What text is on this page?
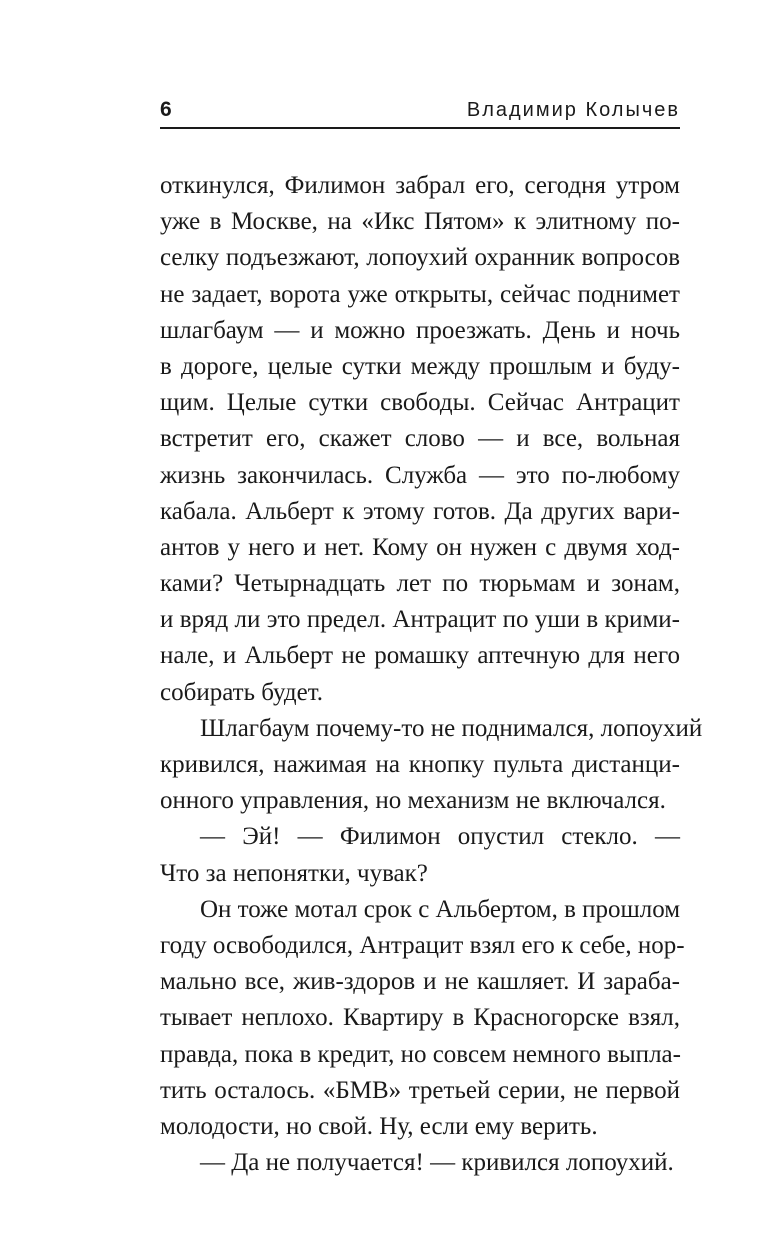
6	Владимир Колычев
откинулся, Филимон забрал его, сегодня утром
уже в Москве, на «Икс Пятом» к элитному по-
селку подъезжают, лопоухий охранник вопросов
не задает, ворота уже открыты, сейчас поднимет
шлагбаум — и можно проезжать. День и ночь
в дороге, целые сутки между прошлым и буду-
щим. Целые сутки свободы. Сейчас Антрацит
встретит его, скажет слово — и все, вольная
жизнь закончилась. Служба — это по-любому
кабала. Альберт к этому готов. Да других вари-
антов у него и нет. Кому он нужен с двумя ход-
ками? Четырнадцать лет по тюрьмам и зонам,
и вряд ли это предел. Антрацит по уши в крими-
нале, и Альберт не ромашку аптечную для него
собирать будет.
Шлагбаум почему-то не поднимался, лопоухий
кривился, нажимая на кнопку пульта дистанци-
онного управления, но механизм не включался.
— Эй! — Филимон опустил стекло. —
Что за непонятки, чувак?
Он тоже мотал срок с Альбертом, в прошлом
году освободился, Антрацит взял его к себе, нор-
мально все, жив-здоров и не кашляет. И зараба-
тывает неплохо. Квартиру в Красногорске взял,
правда, пока в кредит, но совсем немного выпла-
тить осталось. «БМВ» третьей серии, не первой
молодости, но свой. Ну, если ему верить.
— Да не получается! — кривился лопоухий.
